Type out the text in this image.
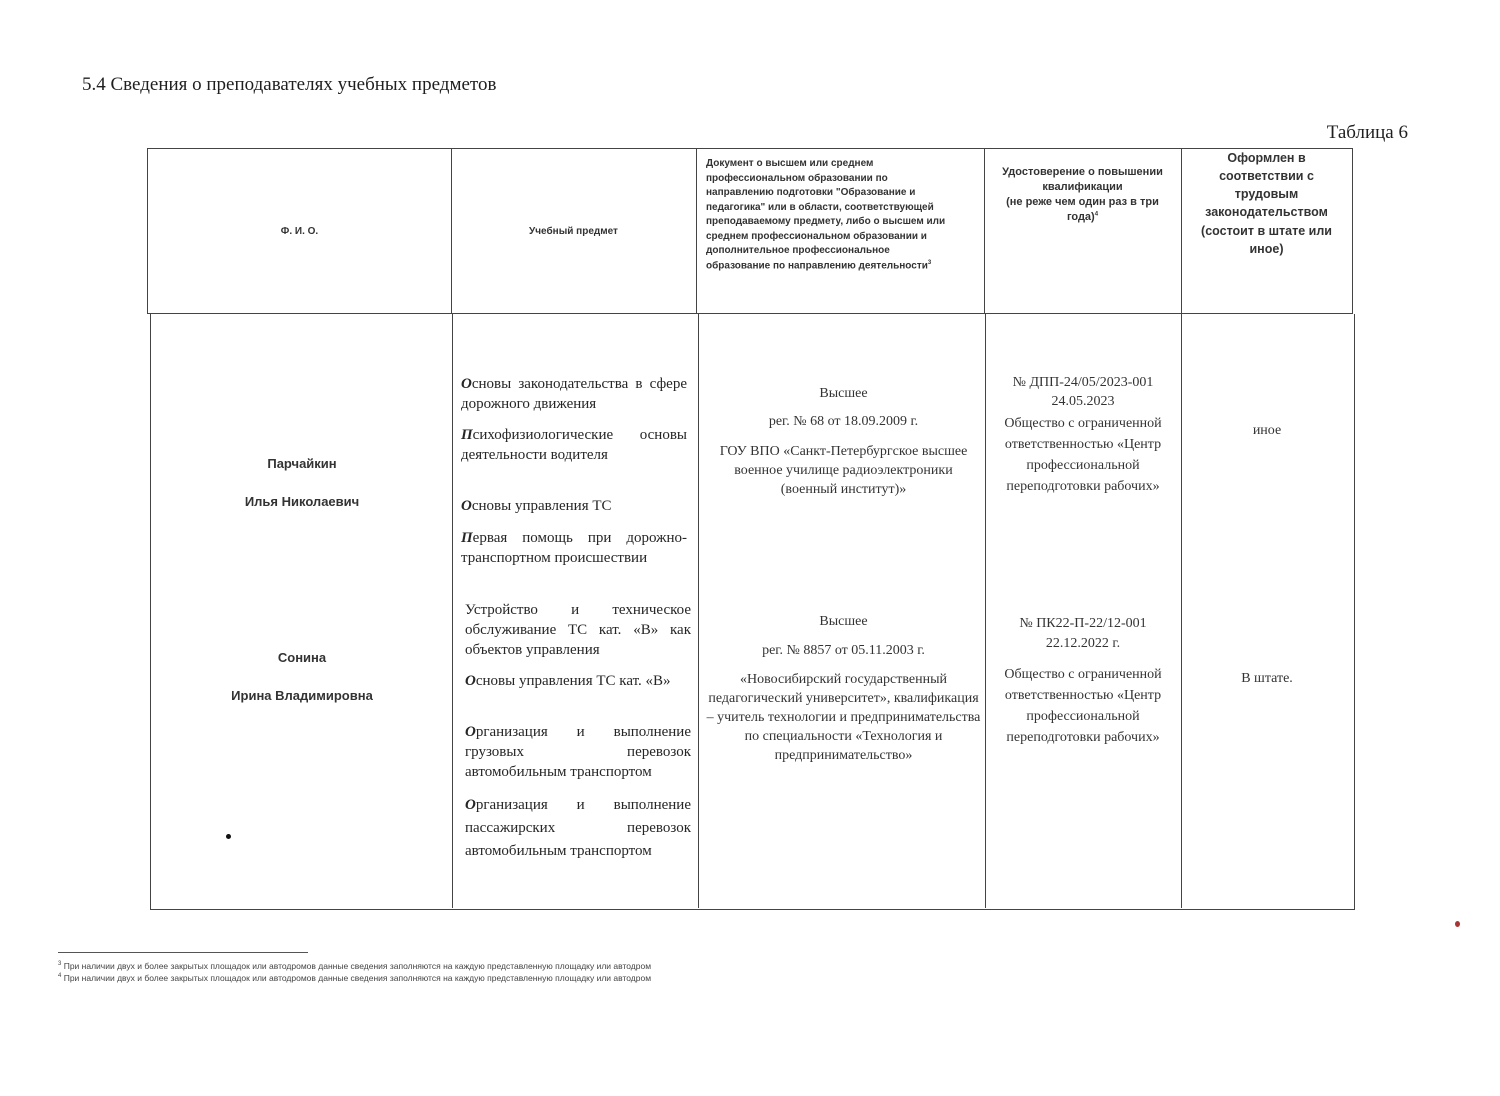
5.4 Сведения о преподавателях учебных предметов
Таблица 6
Ф. И. О.	Учебный предмет
Документ о высшем или среднем
профессиональном образовании по
направлению подготовки "Образование и
педагогика" или в области, соответствующей
преподаваемому предмету, либо о высшем или
среднем профессиональном образовании и
дополнительное профессиональное
образование по направлению деятельности$^3$
Удостоверение о повышении квалификации
(не реже чем один раз в три года)$^4$
Оформлен в соответствии с трудовым законодательством (состоит в штате или иное)
Парчайкин
Илья Николаевич
Основы законодательства в сфере дорожного движения
Психофизиологические основы деятельности водителя
Основы управления ТС
Первая помощь при дорожно-транспортном происшествии
Высшее
рег. № 68 от 18.09.2009 г.
ГОУ ВПО «Санкт-Петербургское высшее военное училище радиоэлектроники (военный институт)»
№ ДПП-24/05/2023-001
24.05.2023
Общество с ограниченной ответственностью «Центр профессиональной переподготовки рабочих»
иное
Сонина
Ирина Владимировна
Устройство и техническое обслуживание ТС кат. «В» как объектов управления
Основы управления ТС кат. «В»
Организация и выполнение грузовых перевозок автомобильным транспортом
Организация и выполнение пассажирских перевозок автомобильным транспортом
Высшее
рег. № 8857 от 05.11.2003 г.
«Новосибирский государственный педагогический университет», квалификация – учитель технологии и предпринимательства по специальности «Технология и предпринимательство»
№ ПК22-П-22/12-001
22.12.2022 г.
Общество с ограниченной ответственностью «Центр профессиональной переподготовки рабочих»
В штате.
$^3$ При наличии двух и более закрытых площадок или автодромов данные сведения заполняются на каждую представленную площадку или автодром
$^4$ При наличии двух и более закрытых площадок или автодромов данные сведения заполняются на каждую представленную площадку или автодром
